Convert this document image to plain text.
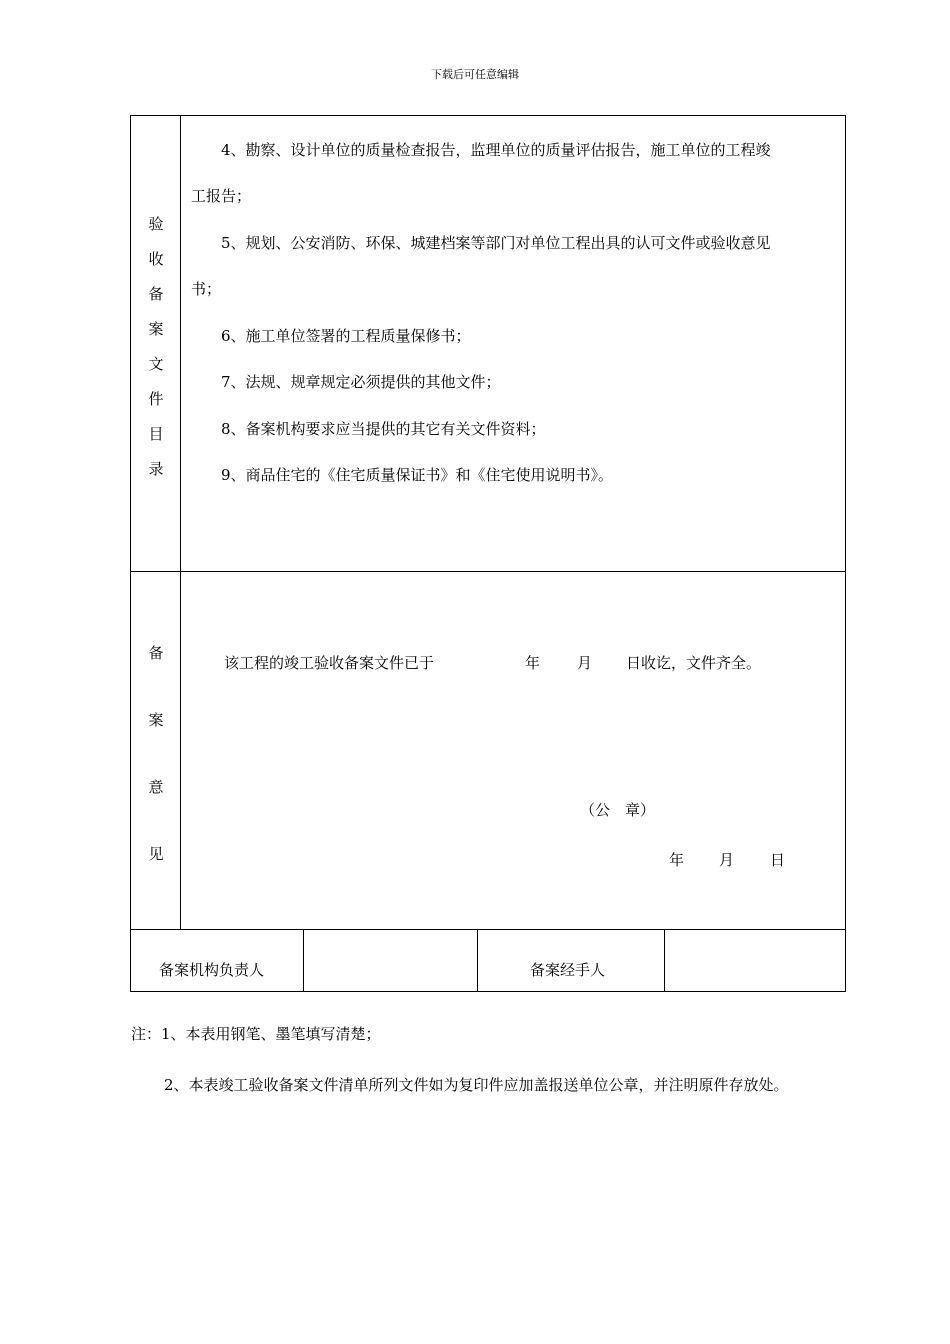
下载后可任意编辑
验
收
备
案
文
件
目
录
4、勘察、设计单位的质量检查报告，监理单位的质量评估报告，施工单位的工程竣
工报告；
5、规划、公安消防、环保、城建档案等部门对单位工程出具的认可文件或验收意见
书；
6、施工单位签署的工程质量保修书；
7、法规、规章规定必须提供的其他文件；
8、备案机构要求应当提供的其它有关文件资料；
9、商品住宅的《住宅质量保证书》和《住宅使用说明书》。
备
案
意
见
该工程的竣工验收备案文件已于	年 月 日收讫，文件齐全。
（公　章）
年 月 日
备案机构负责人	备案经手人
注：1、本表用钢笔、墨笔填写清楚；
2、本表竣工验收备案文件清单所列文件如为复印件应加盖报送单位公章，并注明原件存放处。
